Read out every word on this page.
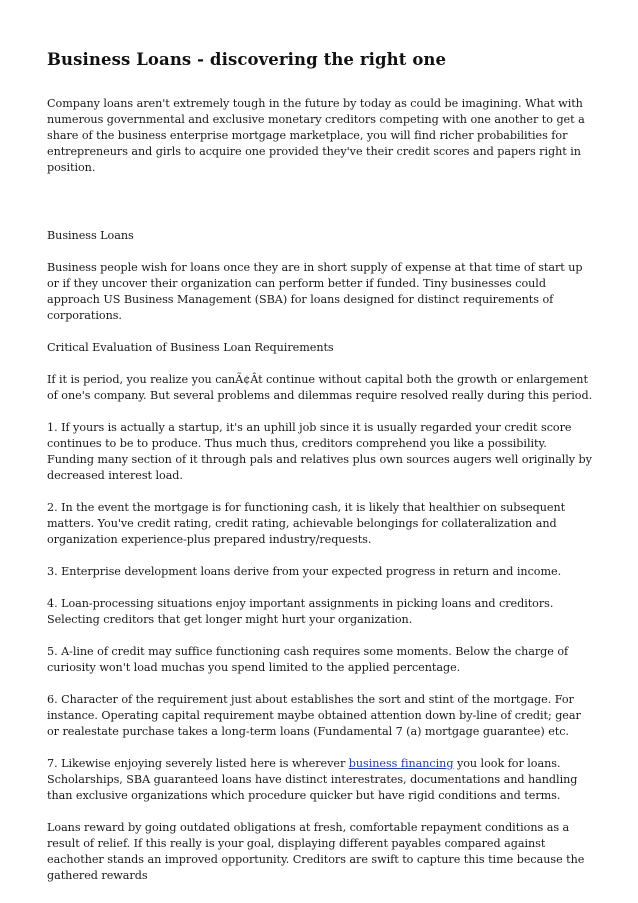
Business Loans - discovering the right one

Company loans aren't extremely tough in the future by today as could be imagining. What with numerous governmental and exclusive monetary creditors competing with one another to get a share of the business enterprise mortgage marketplace, you will find richer probabilities for entrepreneurs and girls to acquire one provided they've their credit scores and papers right in position.

Business Loans

Business people wish for loans once they are in short supply of expense at that time of start up or if they uncover their organization can perform better if funded. Tiny businesses could approach US Business Management (SBA) for loans designed for distinct requirements of corporations.

Critical Evaluation of Business Loan Requirements

If it is period, you realize you canÃ¢Ât continue without capital both the growth or enlargement of one's company. But several problems and dilemmas require resolved really during this period.

1. If yours is actually a startup, it's an uphill job since it is usually regarded your credit score continues to be to produce. Thus much thus, creditors comprehend you like a possibility. Funding many section of it through pals and relatives plus own sources augers well originally by decreased interest load.

2. In the event the mortgage is for functioning cash, it is likely that healthier on subsequent matters. You've credit rating, credit rating, achievable belongings for collateralization and organization experience-plus prepared industry/requests.

3. Enterprise development loans derive from your expected progress in return and income.

4. Loan-processing situations enjoy important assignments in picking loans and creditors. Selecting creditors that get longer might hurt your organization.

5. A-line of credit may suffice functioning cash requires some moments. Below the charge of curiosity won't load muchas you spend limited to the applied percentage.

6. Character of the requirement just about establishes the sort and stint of the mortgage. For instance. Operating capital requirement maybe obtained attention down by-line of credit; gear or realestate purchase takes a long-term loans (Fundamental 7 (a) mortgage guarantee) etc.

7. Likewise enjoying severely listed here is wherever business financing you look for loans. Scholarships, SBA guaranteed loans have distinct interestrates, documentations and handling than exclusive organizations which procedure quicker but have rigid conditions and terms.

Loans reward by going outdated obligations at fresh, comfortable repayment conditions as a result of relief. If this really is your goal, displaying different payables compared against eachother stands an improved opportunity. Creditors are swift to capture this time because the gathered rewards
